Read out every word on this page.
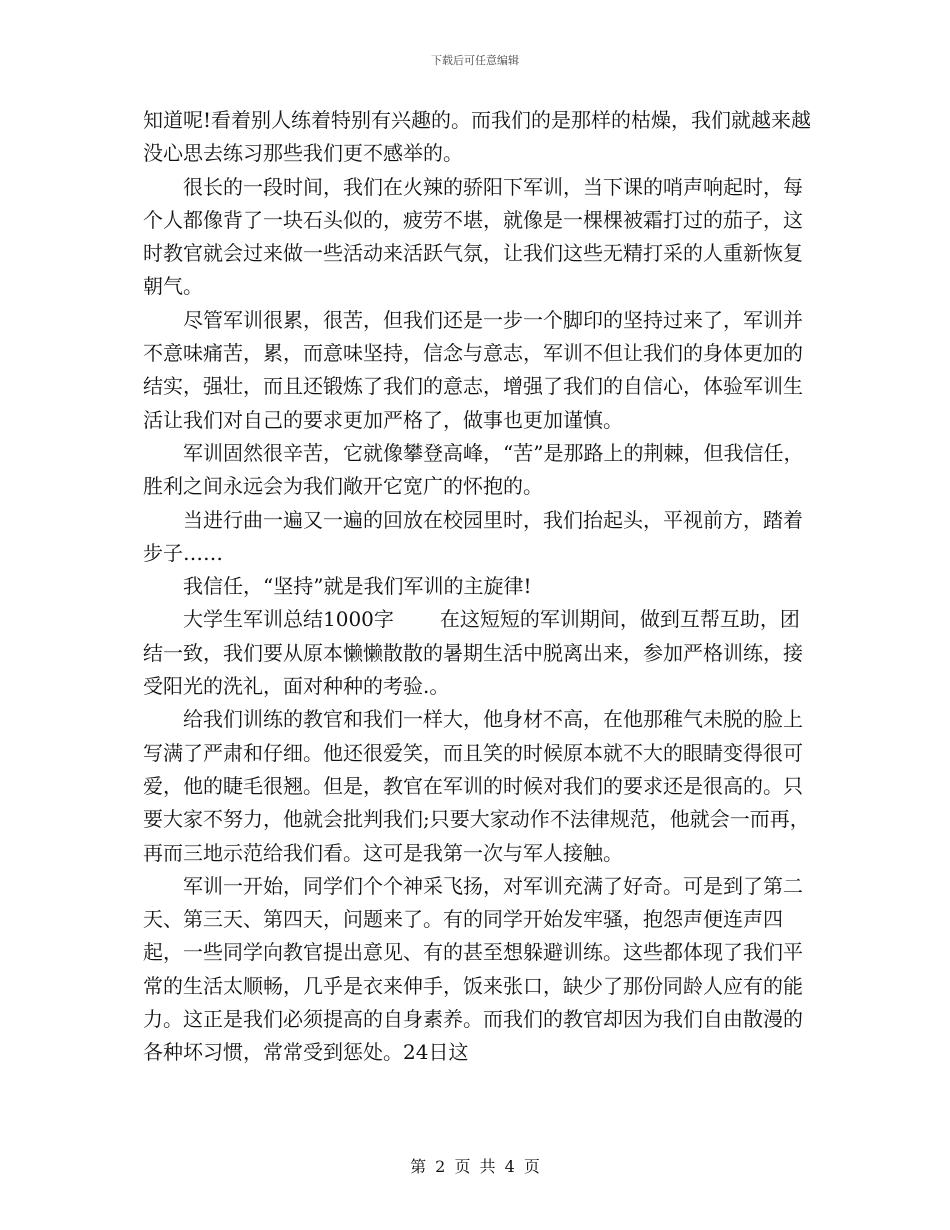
下载后可任意编辑

知道呢!看着别人练着特别有兴趣的。而我们的是那样的枯燥，我们就越来越没心思去练习那些我们更不感举的。

很长的一段时间，我们在火辣的骄阳下军训，当下课的哨声响起时，每个人都像背了一块石头似的，疲劳不堪，就像是一棵棵被霜打过的茄子，这时教官就会过来做一些活动来活跃气氛，让我们这些无精打采的人重新恢复朝气。

尽管军训很累，很苦，但我们还是一步一个脚印的坚持过来了，军训并不意味痛苦，累，而意味坚持，信念与意志，军训不但让我们的身体更加的结实，强壮，而且还锻炼了我们的意志，增强了我们的自信心，体验军训生活让我们对自己的要求更加严格了，做事也更加谨慎。

军训固然很辛苦，它就像攀登高峰，“苦”是那路上的荆棘，但我信任，胜利之间永远会为我们敞开它宽广的怀抱的。

当进行曲一遍又一遍的回放在校园里时，我们抬起头，平视前方，踏着步子……

我信任，“坚持”就是我们军训的主旋律!

大学生军训总结1000字 在这短短的军训期间，做到互帮互助，团结一致，我们要从原本懒懒散散的暑期生活中脱离出来，参加严格训练，接受阳光的洗礼，面对种种的考验.。

给我们训练的教官和我们一样大，他身材不高，在他那稚气未脱的脸上写满了严肃和仔细。他还很爱笑，而且笑的时候原本就不大的眼睛变得很可爱，他的睫毛很翘。但是，教官在军训的时候对我们的要求还是很高的。只要大家不努力，他就会批判我们;只要大家动作不法律规范，他就会一而再，再而三地示范给我们看。这可是我第一次与军人接触。

军训一开始，同学们个个神采飞扬，对军训充满了好奇。可是到了第二天、第三天、第四天，问题来了。有的同学开始发牢骚，抱怨声便连声四起，一些同学向教官提出意见、有的甚至想躲避训练。这些都体现了我们平常的生活太顺畅，几乎是衣来伸手，饭来张口，缺少了那份同龄人应有的能力。这正是我们必须提高的自身素养。而我们的教官却因为我们自由散漫的各种坏习惯，常常受到惩处。24日这

第 2 页 共 4 页
